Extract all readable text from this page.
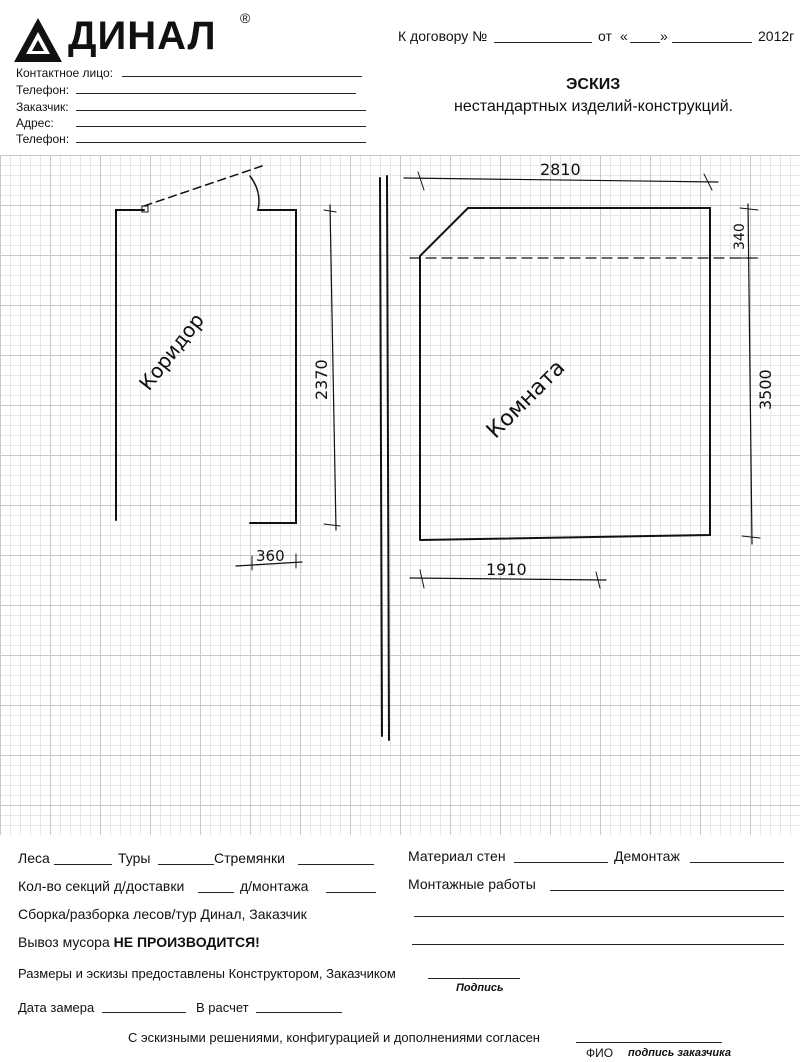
ДИНАЛ ®
К договору №	от « »	2012г
ЭСКИЗ
нестандартных изделий-конструкций.
Контактное лицо:
Телефон:
Заказчик:
Адрес:
Телефон:
Коридор	2370
360
Комната
2810
340
3500
1910
Леса	Туры	Стремянки	Материал стен	Демонтаж
Кол-во секций д/доставки	д/монтажа	Монтажные работы
Сборка/разборка лесов/тур Динал, Заказчик
Вывоз мусора НЕ ПРОИЗВОДИТСЯ!
Размеры и эскизы предоставлены Конструктором, Заказчиком
Подпись
Дата замера	В расчет
С эскизными решениями, конфигурацией и дополнениями согласен
ФИО подпись заказчика
